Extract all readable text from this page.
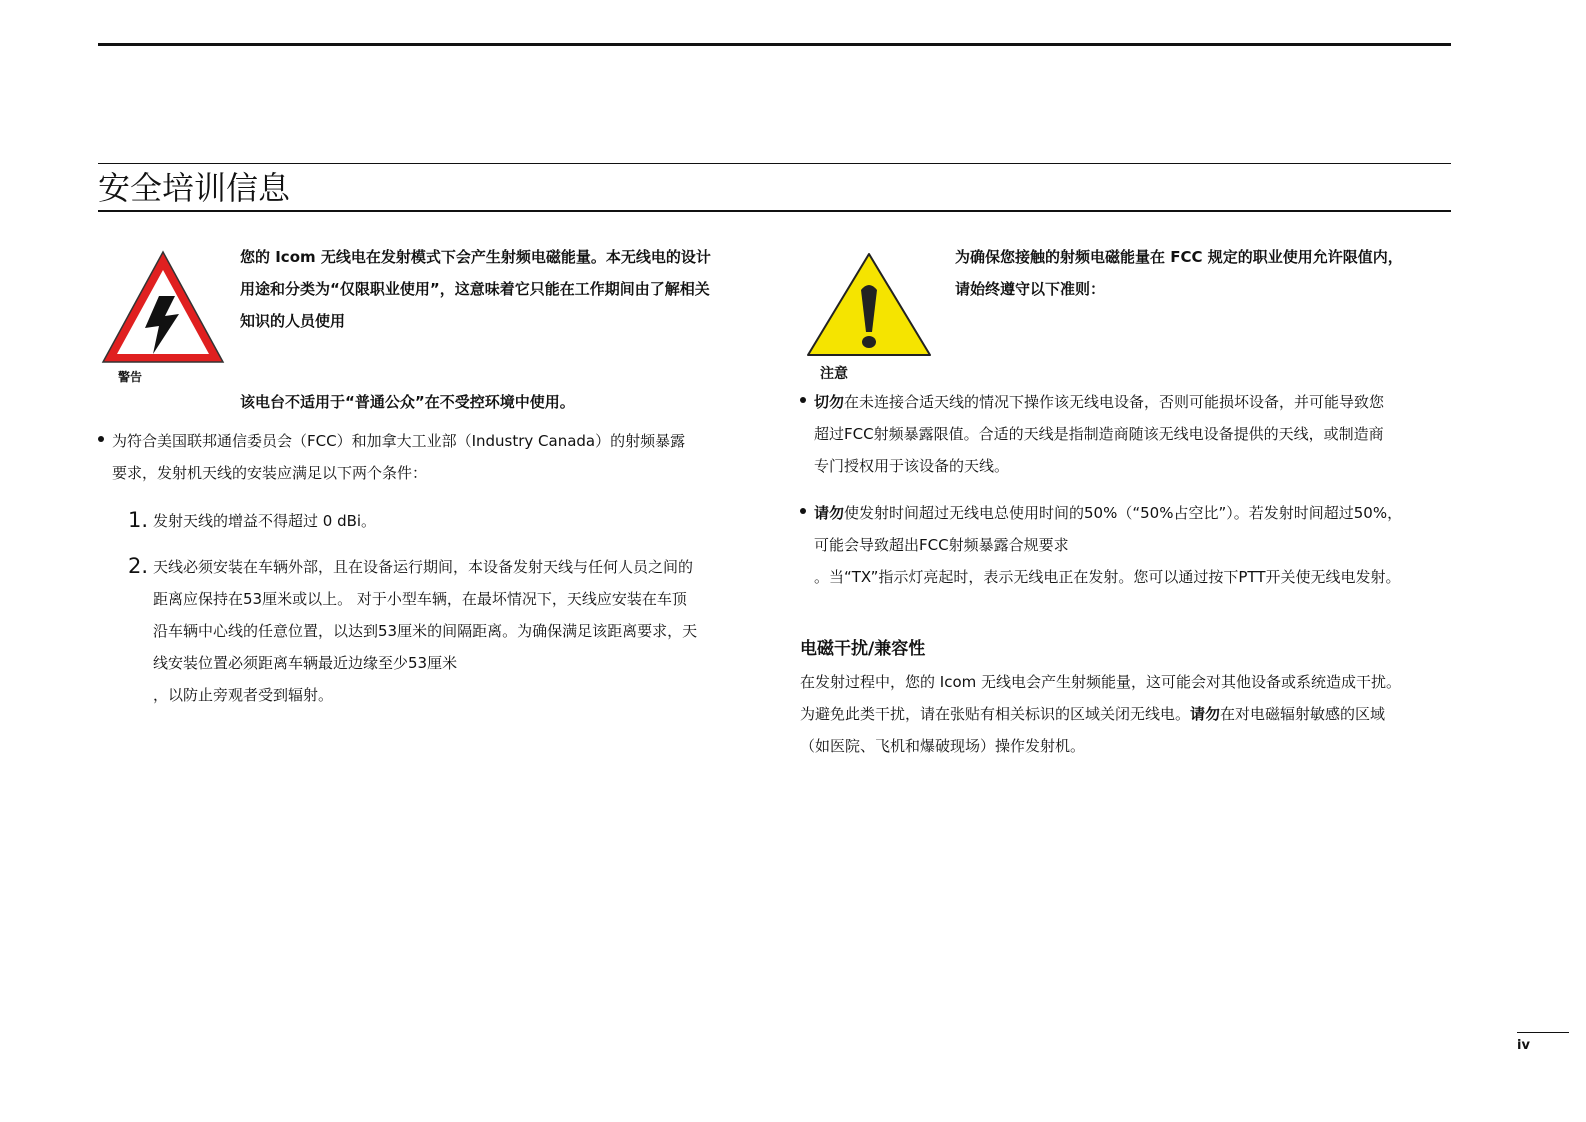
安全培训信息
警告
您的 Icom 无线电在发射模式下会产生射频电磁能量。本无线电的设计
用途和分类为“仅限职业使用”，这意味着它只能在工作期间由了解相关
知识的人员使用
该电台不适用于“普通公众”在不受控环境中使用。
为符合美国联邦通信委员会（FCC）和加拿大工业部（Industry Canada）的射频暴露
要求，发射机天线的安装应满足以下两个条件：
1. 发射天线的增益不得超过 0 dBi。
2. 天线必须安装在车辆外部，且在设备运行期间，本设备发射天线与任何人员之间的
距离应保持在53厘米或以上。 对于小型车辆，在最坏情况下，天线应安装在车顶
沿车辆中心线的任意位置，以达到53厘米的间隔距离。为确保满足该距离要求，天
线安装位置必须距离车辆最近边缘至少53厘米
，以防止旁观者受到辐射。
注意
为确保您接触的射频电磁能量在 FCC 规定的职业使用允许限值内，
请始终遵守以下准则：
切勿在未连接合适天线的情况下操作该无线电设备，否则可能损坏设备，并可能导致您
超过FCC射频暴露限值。合适的天线是指制造商随该无线电设备提供的天线，或制造商
专门授权用于该设备的天线。
请勿使发射时间超过无线电总使用时间的50%（“50%占空比”）。若发射时间超过50%，
可能会导致超出FCC射频暴露合规要求
。当“TX”指示灯亮起时，表示无线电正在发射。您可以通过按下PTT开关使无线电发射。
电磁干扰/兼容性
在发射过程中，您的 Icom 无线电会产生射频能量，这可能会对其他设备或系统造成干扰。
为避免此类干扰，请在张贴有相关标识的区域关闭无线电。请勿在对电磁辐射敏感的区域
（如医院、飞机和爆破现场）操作发射机。
iv
